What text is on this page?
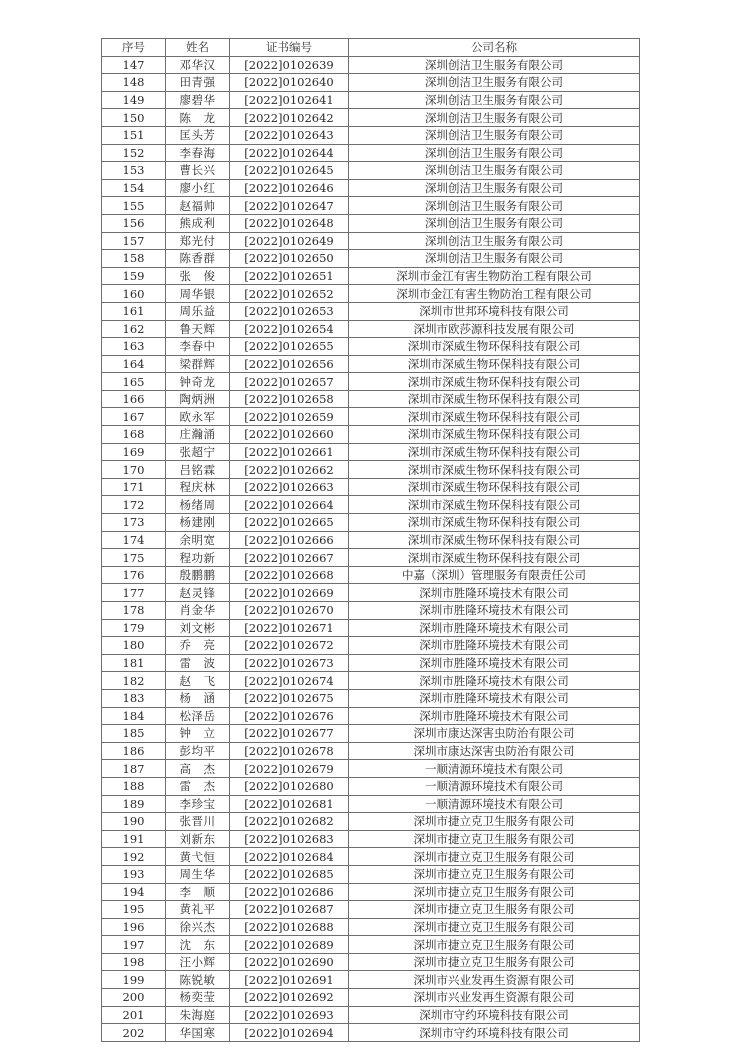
序号	姓名	证书编号	公司名称
147	邓华汉	[2022]0102639	深圳创洁卫生服务有限公司
148	田青强	[2022]0102640	深圳创洁卫生服务有限公司
149	廖碧华	[2022]0102641	深圳创洁卫生服务有限公司
150	陈　龙	[2022]0102642	深圳创洁卫生服务有限公司
151	匡头芳	[2022]0102643	深圳创洁卫生服务有限公司
152	李春海	[2022]0102644	深圳创洁卫生服务有限公司
153	曹长兴	[2022]0102645	深圳创洁卫生服务有限公司
154	廖小红	[2022]0102646	深圳创洁卫生服务有限公司
155	赵福帅	[2022]0102647	深圳创洁卫生服务有限公司
156	熊成利	[2022]0102648	深圳创洁卫生服务有限公司
157	郑光付	[2022]0102649	深圳创洁卫生服务有限公司
158	陈香群	[2022]0102650	深圳创洁卫生服务有限公司
159	张　俊	[2022]0102651	深圳市金江有害生物防治工程有限公司
160	周华银	[2022]0102652	深圳市金江有害生物防治工程有限公司
161	周乐益	[2022]0102653	深圳市世邦环境科技有限公司
162	鲁天辉	[2022]0102654	深圳市欧莎源科技发展有限公司
163	李春中	[2022]0102655	深圳市深威生物环保科技有限公司
164	梁群辉	[2022]0102656	深圳市深威生物环保科技有限公司
165	钟奇龙	[2022]0102657	深圳市深威生物环保科技有限公司
166	陶炳洲	[2022]0102658	深圳市深威生物环保科技有限公司
167	欧永军	[2022]0102659	深圳市深威生物环保科技有限公司
168	庄瀚涌	[2022]0102660	深圳市深威生物环保科技有限公司
169	张超宁	[2022]0102661	深圳市深威生物环保科技有限公司
170	吕铭霖	[2022]0102662	深圳市深威生物环保科技有限公司
171	程庆林	[2022]0102663	深圳市深威生物环保科技有限公司
172	杨绪周	[2022]0102664	深圳市深威生物环保科技有限公司
173	杨建刚	[2022]0102665	深圳市深威生物环保科技有限公司
174	余明宽	[2022]0102666	深圳市深威生物环保科技有限公司
175	程功新	[2022]0102667	深圳市深威生物环保科技有限公司
176	殷鹏鹏	[2022]0102668	中嘉（深圳）管理服务有限责任公司
177	赵灵锋	[2022]0102669	深圳市胜隆环境技术有限公司
178	肖金华	[2022]0102670	深圳市胜隆环境技术有限公司
179	刘文彬	[2022]0102671	深圳市胜隆环境技术有限公司
180	乔　亮	[2022]0102672	深圳市胜隆环境技术有限公司
181	雷　波	[2022]0102673	深圳市胜隆环境技术有限公司
182	赵　飞	[2022]0102674	深圳市胜隆环境技术有限公司
183	杨　涵	[2022]0102675	深圳市胜隆环境技术有限公司
184	松泽岳	[2022]0102676	深圳市胜隆环境技术有限公司
185	钟　立	[2022]0102677	深圳市康达深害虫防治有限公司
186	彭均平	[2022]0102678	深圳市康达深害虫防治有限公司
187	高　杰	[2022]0102679	一顺清源环境技术有限公司
188	雷　杰	[2022]0102680	一顺清源环境技术有限公司
189	李珍宝	[2022]0102681	一顺清源环境技术有限公司
190	张晋川	[2022]0102682	深圳市捷立克卫生服务有限公司
191	刘新东	[2022]0102683	深圳市捷立克卫生服务有限公司
192	黄弋恒	[2022]0102684	深圳市捷立克卫生服务有限公司
193	周生华	[2022]0102685	深圳市捷立克卫生服务有限公司
194	李　顺	[2022]0102686	深圳市捷立克卫生服务有限公司
195	黄礼平	[2022]0102687	深圳市捷立克卫生服务有限公司
196	徐兴杰	[2022]0102688	深圳市捷立克卫生服务有限公司
197	沈　东	[2022]0102689	深圳市捷立克卫生服务有限公司
198	汪小辉	[2022]0102690	深圳市捷立克卫生服务有限公司
199	陈锐敏	[2022]0102691	深圳市兴业发再生资源有限公司
200	杨奕莹	[2022]0102692	深圳市兴业发再生资源有限公司
201	朱海庭	[2022]0102693	深圳市守约环境科技有限公司
202	华国寒	[2022]0102694	深圳市守约环境科技有限公司
